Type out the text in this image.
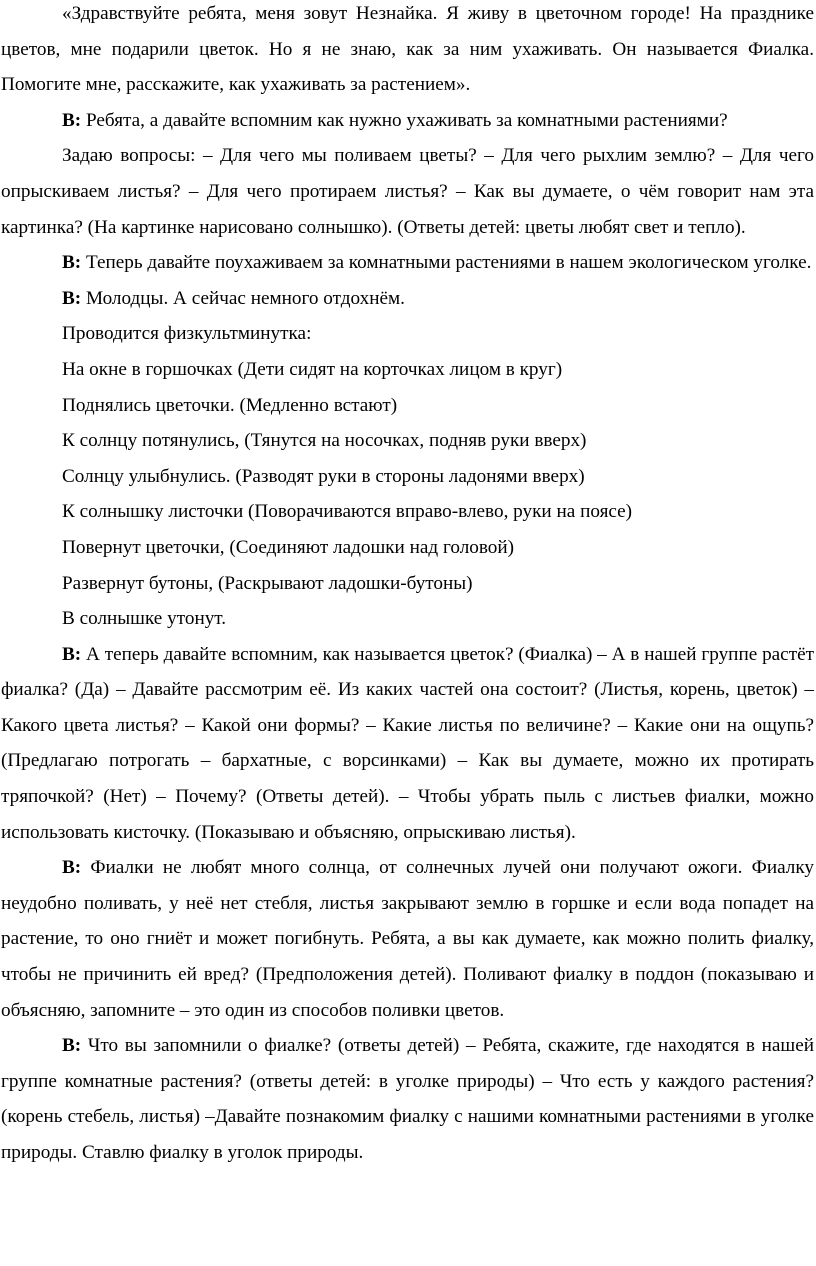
«Здравствуйте ребята, меня зовут Незнайка. Я живу в цветочном городе! На празднике цветов, мне подарили цветок. Но я не знаю, как за ним ухаживать. Он называется Фиалка. Помогите мне, расскажите, как ухаживать за растением».

В: Ребята, а давайте вспомним как нужно ухаживать за комнатными растениями?

Задаю вопросы: – Для чего мы поливаем цветы? – Для чего рыхлим землю? – Для чего опрыскиваем листья? – Для чего протираем листья? – Как вы думаете, о чём говорит нам эта картинка? (На картинке нарисовано солнышко). (Ответы детей: цветы любят свет и тепло).

В: Теперь давайте поухаживаем за комнатными растениями в нашем экологическом уголке.

В: Молодцы. А сейчас немного отдохнём.

Проводится физкультминутка:

На окне в горшочках (Дети сидят на корточках лицом в круг)

Поднялись цветочки. (Медленно встают)

К солнцу потянулись, (Тянутся на носочках, подняв руки вверх)

Солнцу улыбнулись. (Разводят руки в стороны ладонями вверх)

К солнышку листочки (Поворачиваются вправо-влево, руки на поясе)

Повернут цветочки, (Соединяют ладошки над головой)

Развернут бутоны, (Раскрывают ладошки-бутоны)

В солнышке утонут.

В: А теперь давайте вспомним, как называется цветок? (Фиалка) – А в нашей группе растёт фиалка? (Да) – Давайте рассмотрим её. Из каких частей она состоит? (Листья, корень, цветок) – Какого цвета листья? – Какой они формы? – Какие листья по величине? – Какие они на ощупь? (Предлагаю потрогать – бархатные, с ворсинками) – Как вы думаете, можно их протирать тряпочкой? (Нет) – Почему? (Ответы детей). – Чтобы убрать пыль с листьев фиалки, можно использовать кисточку. (Показываю и объясняю, опрыскиваю листья).

В: Фиалки не любят много солнца, от солнечных лучей они получают ожоги. Фиалку неудобно поливать, у неё нет стебля, листья закрывают землю в горшке и если вода попадет на растение, то оно гниёт и может погибнуть. Ребята, а вы как думаете, как можно полить фиалку, чтобы не причинить ей вред? (Предположения детей). Поливают фиалку в поддон (показываю и объясняю, запомните – это один из способов поливки цветов.

В: Что вы запомнили о фиалке? (ответы детей) – Ребята, скажите, где находятся в нашей группе комнатные растения? (ответы детей: в уголке природы) – Что есть у каждого растения? (корень стебель, листья) –Давайте познакомим фиалку с нашими комнатными растениями в уголке природы. Ставлю фиалку в уголок природы.
